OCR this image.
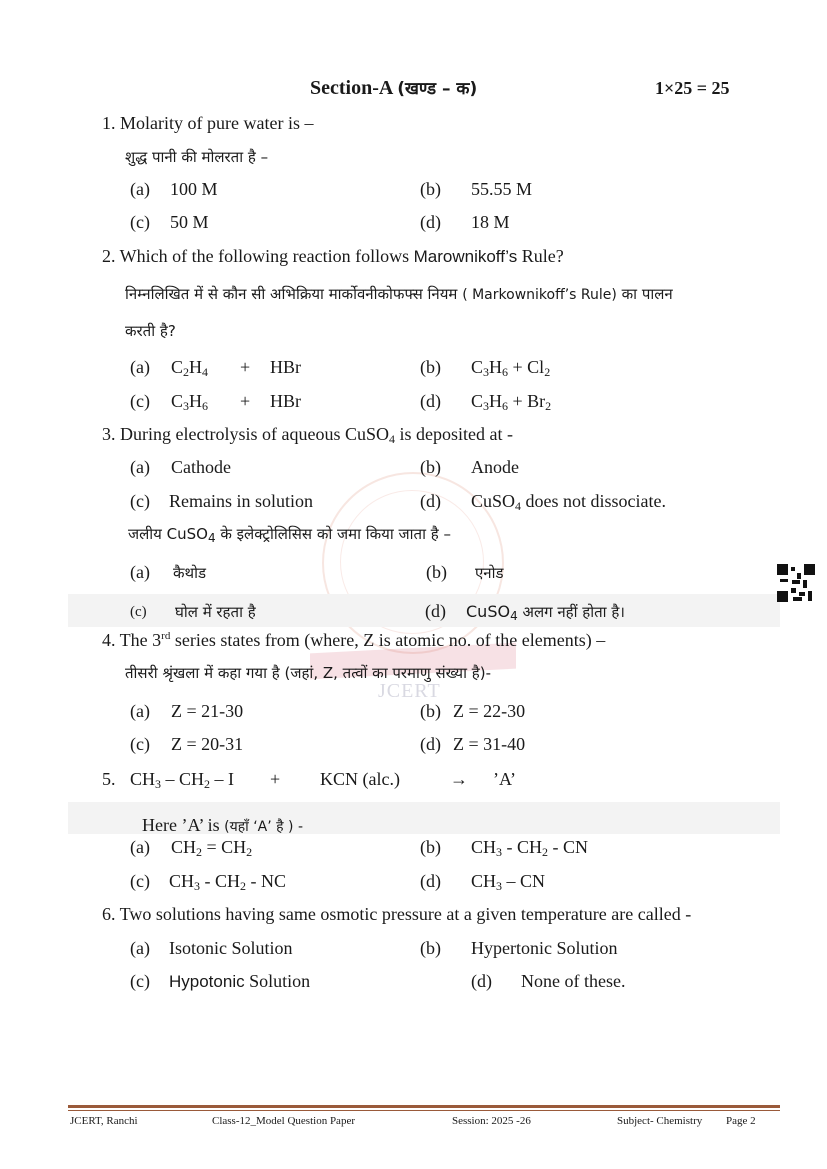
JCERT
Section-A (खण्ड – क)	1×25 = 25
1. Molarity of pure water is –
शुद्ध पानी की मोलरता है –
(a) 100 M	(b) 55.55 M
(c) 50 M	(d) 18 M
2. Which of the following reaction follows Marownikoff’s Rule?
निम्नलिखित में से कौन सी अभिक्रिया मार्कोवनीकोफफ्स नियम ( Markownikoff’s Rule) का पालन
करती है?
(a) $C_2H_4$ + HBr	(b) $C_3H_6 + Cl_2$
(c) $C_3H_6$ + HBr	(d) $C_3H_6 + Br_2$
3. During electrolysis of aqueous CuSO$_4$ is deposited at -
(a) Cathode	(b) Anode
(c) Remains in solution	(d) CuSO$_4$ does not dissociate.
जलीय CuSO$_4$ के इलेक्ट्रोलिसिस को जमा किया जाता है –
(a) कैथोड	(b) एनोड
(c) घोल में रहता है	(d) CuSO$_4$ अलग नहीं होता है।
4. The 3rd series states from (where, Z is atomic no. of the elements) –
तीसरी श्रृंखला में कहा गया है (जहां, Z, तत्वों का परमाणु संख्या है)-
(a) Z = 21-30	(b) Z = 22-30
(c) Z = 20-31	(d) Z = 31-40
5. $CH_3 - CH_2$ – I + KCN (alc.)	→ ’A’
Here ’A’ is (यहाँ ‘A’ है ) -
(a) $CH_2 = CH_2$	(b) $CH_3 - CH_2$ - CN
(c) $CH_3 - CH_2$ - NC	(d) $CH_3$ – CN
6. Two solutions having same osmotic pressure at a given temperature are called -
(a) Isotonic Solution	(b) Hypertonic Solution
(c) Hypotonic Solution	(d) None of these.
JCERT, Ranchi	Class-12_Model Question Paper	Session: 2025 -26	Subject- Chemistry Page 2
